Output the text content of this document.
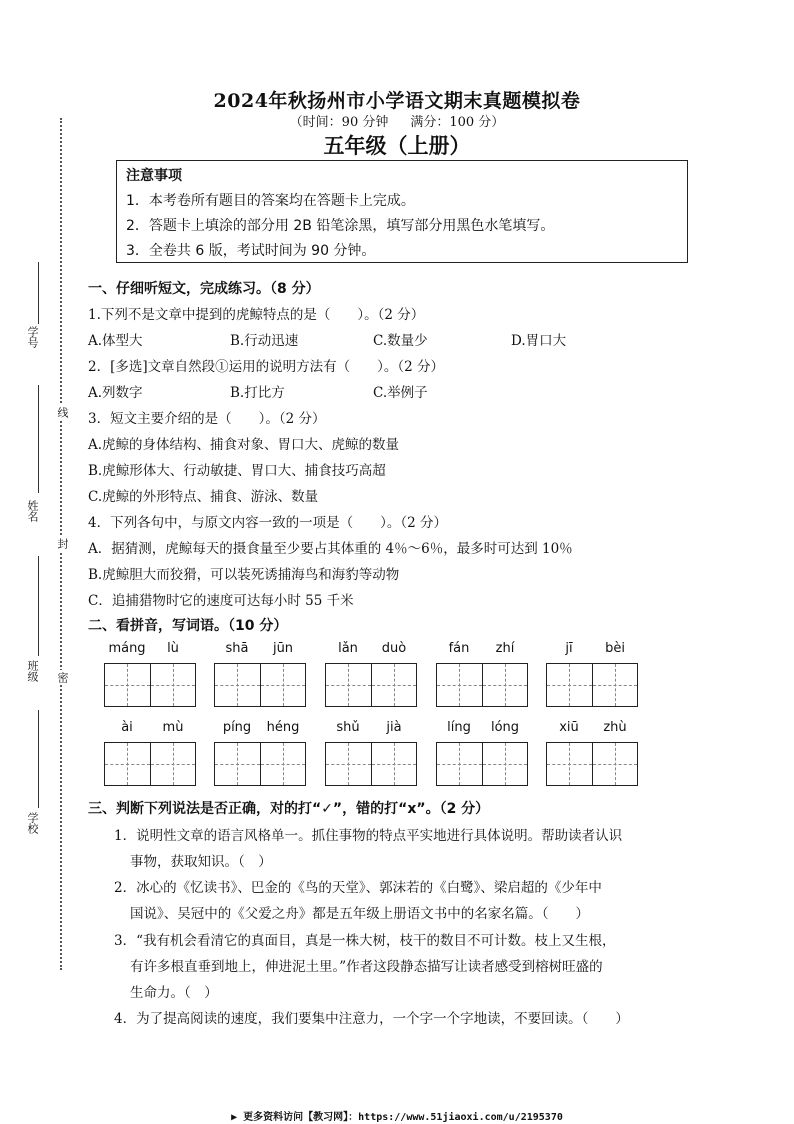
2024年秋扬州市小学语文期末真题模拟卷
（时间：90 分钟 满分：100 分）
五年级（上册）
注意事项
1．本考卷所有题目的答案均在答题卡上完成。
2．答题卡上填涂的部分用 2B 铅笔涂黑，填写部分用黑色水笔填写。
3．全卷共 6 版，考试时间为 90 分钟。
学号
姓名
班级
学校
线
封
密
一、仔细听短文，完成练习。（8 分）
1.下列不是文章中提到的虎鲸特点的是（　　）。（2 分）
A.体型大	B.行动迅速	C.数量少	D.胃口大
2．[多选]文章自然段①运用的说明方法有（　　）。（2 分）
A.列数字	B.打比方	C.举例子
3．短文主要介绍的是（　　）。（2 分）
A.虎鲸的身体结构、捕食对象、胃口大、虎鲸的数量
B.虎鲸形体大、行动敏捷、胃口大、捕食技巧高超
C.虎鲸的外形特点、捕食、游泳、数量
4．下列各句中，与原文内容一致的一项是（　　）。（2 分）
A．据猜测，虎鲸每天的摄食量至少要占其体重的 4％～6％，最多时可达到 10％
B.虎鲸胆大而狡猾，可以装死诱捕海鸟和海豹等动物
C．追捕猎物时它的速度可达每小时 55 千米
二、看拼音，写词语。（10 分）
máng	lù	shā	jūn	lǎn	duò	fán	zhí	jī	bèi
ài	mù	píng	héng	shǔ	jià	líng	lóng	xiū	zhù
三、判断下列说法是否正确，对的打“✓”，错的打“x”。（2 分）
1．说明性文章的语言风格单一。抓住事物的特点平实地进行具体说明。帮助读者认识
事物，获取知识。（　）
2．冰心的《忆读书》、巴金的《鸟的天堂》、郭沫若的《白鹭》、梁启超的《少年中
国说》、吴冠中的《父爱之舟》都是五年级上册语文书中的名家名篇。（　　）
3．“我有机会看清它的真面目，真是一株大树，枝干的数目不可计数。枝上又生根，
有许多根直垂到地上，伸进泥土里。”作者这段静态描写让读者感受到榕树旺盛的
生命力。（　）
4．为了提高阅读的速度，我们要集中注意力，一个字一个字地读，不要回读。（　　）
▶ 更多资料访问【教习网】：https://www.51jiaoxi.com/u/2195370
